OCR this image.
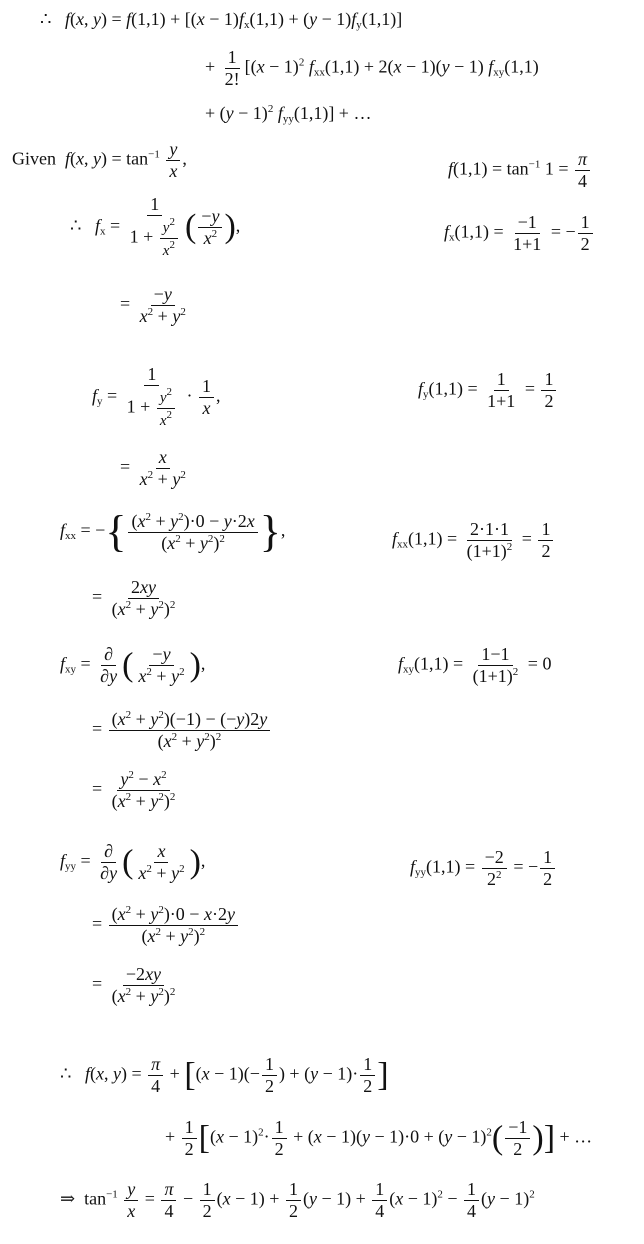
∴ f(x, $y) = f(1,1) + [(x - 1)f_x(1,1) + (y - 1)f_y(1,1)]$
+ $\frac{1}{2!} [(x - 1)^2$ $f_{xx}(1,1) + 2(x - 1)(y - 1)$ $f_{xy}(1,1)$
+ $(y - 1)^2$ $f_{yy}(1,1)$] + …
Given  f(x, $y) = \tan^{-1} \frac{y}{x}$ ,	$f(1,1) = \tan^{-1} 1 = \frac{\pi}{4}$
∴   $f_x = \frac{1}{1 + \frac{y^2}{x^2}}$ ( $\frac{-y}{x^2}$ ),	$f_x(1,1) = \frac{-1}{1+1}$ = − $\frac{1}{2}$
= $\frac{-y}{x^2 + y^2}$
$f_y = \frac{1}{1 + \frac{y^2}{x^2}} \cdot \frac{1}{x}$ ,	$f_y(1,1) = \frac{1}{1+1} = \frac{1}{2}$
= $\frac{x}{x^2 + y^2}$
$f_{xx}$ = −{ $\frac{(x^2 + y^2)\cdot 0 - y\cdot 2x}{(x^2 + y^2)^2}$ },	$f_{xx}(1,1) = \frac{2\cdot 1\cdot 1}{(1+1)^2} = \frac{1}{2}$
= $\frac{2xy}{(x^2 + y^2)^2}$
$f_{xy} = \frac{\partial}{\partial y}$ ( $\frac{-y}{x^2 + y^2}$ ),	$f_{xy}(1,1) = \frac{1-1}{(1+1)^2} = 0$
= $\frac{(x^2 + y^2)(-1) - (-y)2y}{(x^2 + y^2)^2}$
= $\frac{y^2 - x^2}{(x^2 + y^2)^2}$
$f_{yy} = \frac{\partial}{\partial y}$ ( $\frac{x}{x^2 + y^2}$ ),	$f_{yy}(1,1) = \frac{-2}{2^2}$ = − $\frac{1}{2}$
= $\frac{(x^2 + y^2)\cdot 0 - x\cdot 2y}{(x^2 + y^2)^2}$
= $\frac{-2xy}{(x^2 + y^2)^2}$
∴   f(x, $y) = \frac{\pi}{4} + [(x - 1)(- \frac{1}{2}$ ) + $(y - 1)\cdot \frac{1}{2}$ ]
+ $\frac{1}{2} [(x - 1)^2\cdot \frac{1}{2} + (x - 1)(y - 1)\cdot 0 + (y - 1)^2( \frac{-1}{2}$ )] + …
⇒  $\tan^{-1} \frac{y}{x} = \frac{\pi}{4} - \frac{1}{2} (x - 1) + \frac{1}{2} (y - 1) + \frac{1}{4} (x - 1)^2 - \frac{1}{4} (y - 1)^2$
